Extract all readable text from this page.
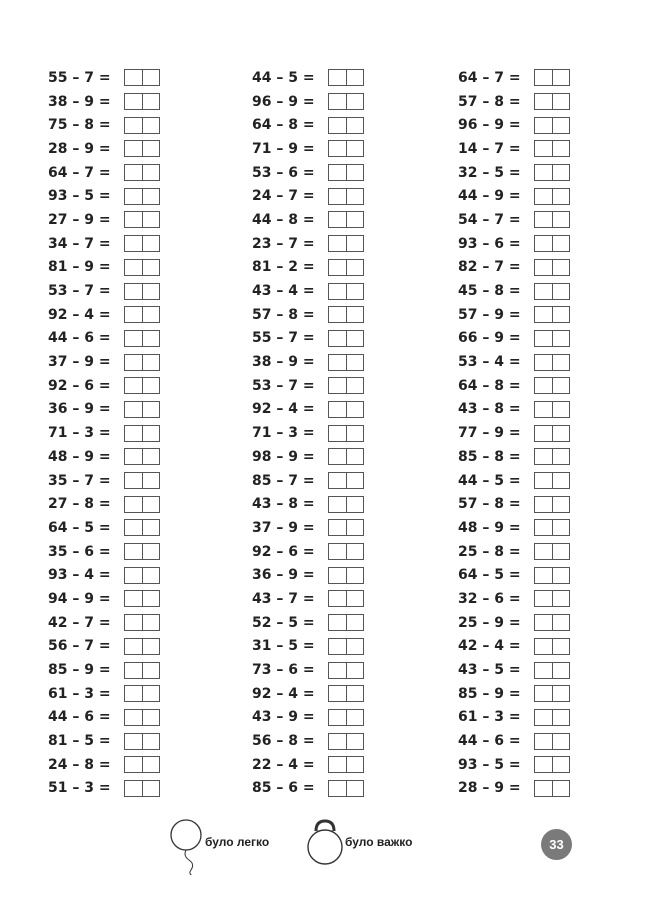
55 – 7 =
38 – 9 =
75 – 8 =
28 – 9 =
64 – 7 =
93 – 5 =
27 – 9 =
34 – 7 =
81 – 9 =
53 – 7 =
92 – 4 =
44 – 6 =
37 – 9 =
92 – 6 =
36 – 9 =
71 – 3 =
48 – 9 =
35 – 7 =
27 – 8 =
64 – 5 =
35 – 6 =
93 – 4 =
94 – 9 =
42 – 7 =
56 – 7 =
85 – 9 =
61 – 3 =
44 – 6 =
81 – 5 =
24 – 8 =
51 – 3 =
44 – 5 =
96 – 9 =
64 – 8 =
71 – 9 =
53 – 6 =
24 – 7 =
44 – 8 =
23 – 7 =
81 – 2 =
43 – 4 =
57 – 8 =
55 – 7 =
38 – 9 =
53 – 7 =
92 – 4 =
71 – 3 =
98 – 9 =
85 – 7 =
43 – 8 =
37 – 9 =
92 – 6 =
36 – 9 =
43 – 7 =
52 – 5 =
31 – 5 =
73 – 6 =
92 – 4 =
43 – 9 =
56 – 8 =
22 – 4 =
85 – 6 =
64 – 7 =
57 – 8 =
96 – 9 =
14 – 7 =
32 – 5 =
44 – 9 =
54 – 7 =
93 – 6 =
82 – 7 =
45 – 8 =
57 – 9 =
66 – 9 =
53 – 4 =
64 – 8 =
43 – 8 =
77 – 9 =
85 – 8 =
44 – 5 =
57 – 8 =
48 – 9 =
25 – 8 =
64 – 5 =
32 – 6 =
25 – 9 =
42 – 4 =
43 – 5 =
85 – 9 =
61 – 3 =
44 – 6 =
93 – 5 =
28 – 9 =
було легко	було важко	33
